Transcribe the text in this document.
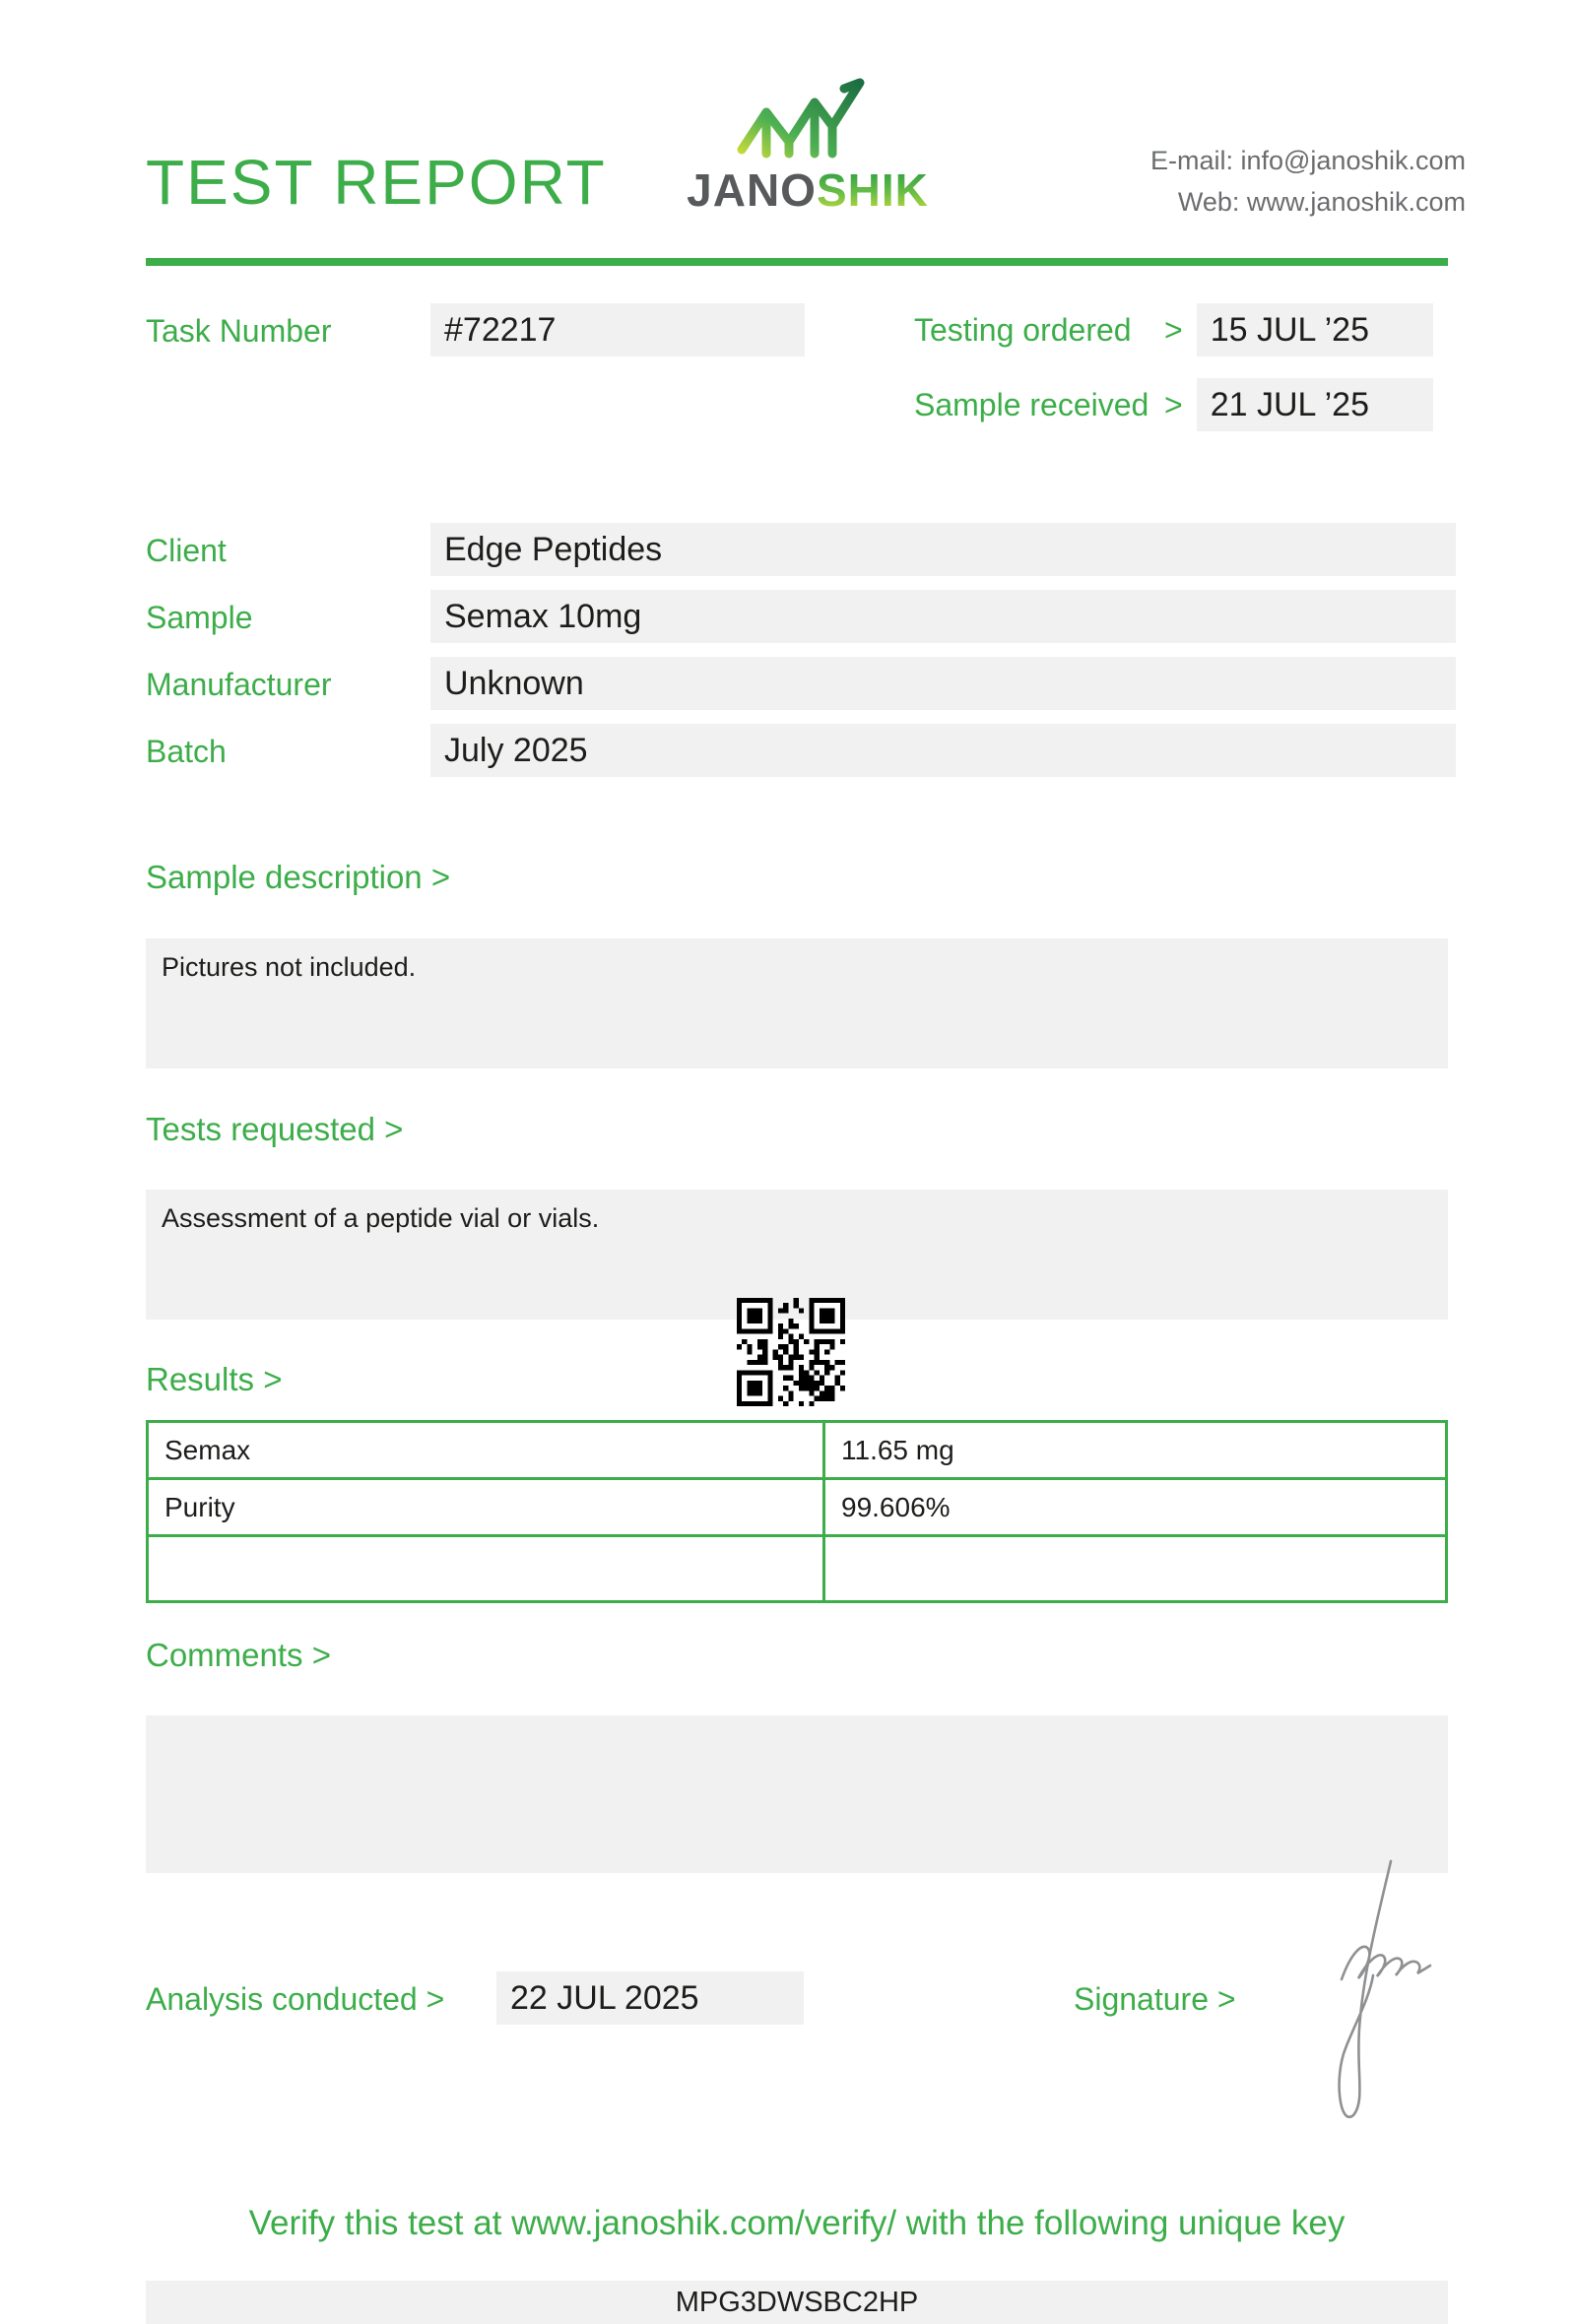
TEST REPORT JANOSHIK
E-mail: info@janoshik.com
Web: www.janoshik.com
Task Number	#72217	Testing ordered	> 15 JUL ’25
Sample received > 21 JUL ’25
Client	Edge Peptides
Sample	Semax 10mg
Manufacturer	Unknown
Batch	July 2025
Sample description >
Pictures not included.
Tests requested >
Assessment of a peptide vial or vials.
Results >
Semax	11.65 mg
Purity	99.606%

Comments >
Analysis conducted >	22 JUL 2025	Signature >
Verify this test at www.janoshik.com/verify/ with the following unique key
MPG3DWSBC2HP
